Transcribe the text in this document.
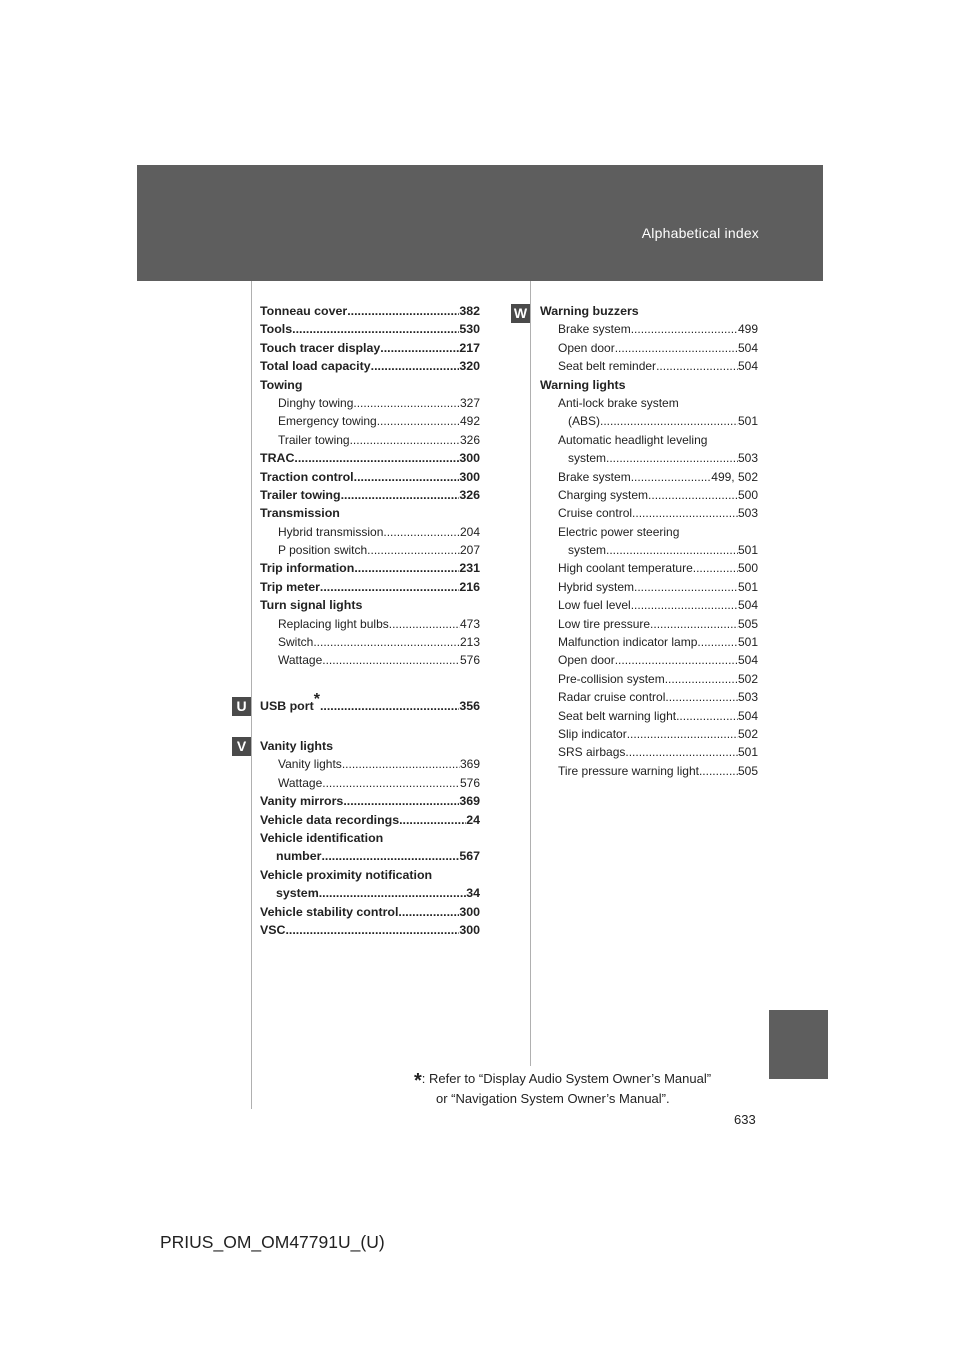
Alphabetical index
U
V
W
Tonneau cover .....	382
Tools .....	530
Touch tracer display .....	217
Total load capacity .....	320
Towing
Dinghy towing .....	327
Emergency towing .....	492
Trailer towing .....	326
TRAC .....	300
Traction control .....	300
Trailer towing .....	326
Transmission
Hybrid transmission .....	204
P position switch .....	207
Trip information .....	231
Trip meter .....	216
Turn signal lights
Replacing light bulbs .....	473
Switch .....	213
Wattage .....	576
USB port* .....	356
Vanity lights
Vanity lights .....	369
Wattage .....	576
Vanity mirrors .....	369
Vehicle data recordings .....	24
Vehicle identification
number .....	567
Vehicle proximity notification
system .....	34
Vehicle stability control .....	300
VSC .....	300
Warning buzzers
Brake system .....	499
Open door .....	504
Seat belt reminder .....	504
Warning lights
Anti-lock brake system
(ABS) .....	501
Automatic headlight leveling
system .....	503
Brake system .....	499, 502
Charging system .....	500
Cruise control .....	503
Electric power steering
system .....	501
High coolant temperature .....	500
Hybrid system .....	501
Low fuel level .....	504
Low tire pressure .....	505
Malfunction indicator lamp .....	501
Open door .....	504
Pre-collision system .....	502
Radar cruise control. .....	503
Seat belt warning light .....	504
Slip indicator .....	502
SRS airbags .....	501
Tire pressure warning light .....	505
*: Refer to “Display Audio System Owner’s Manual”
or “Navigation System Owner’s Manual”.
633
PRIUS_OM_OM47791U_(U)
